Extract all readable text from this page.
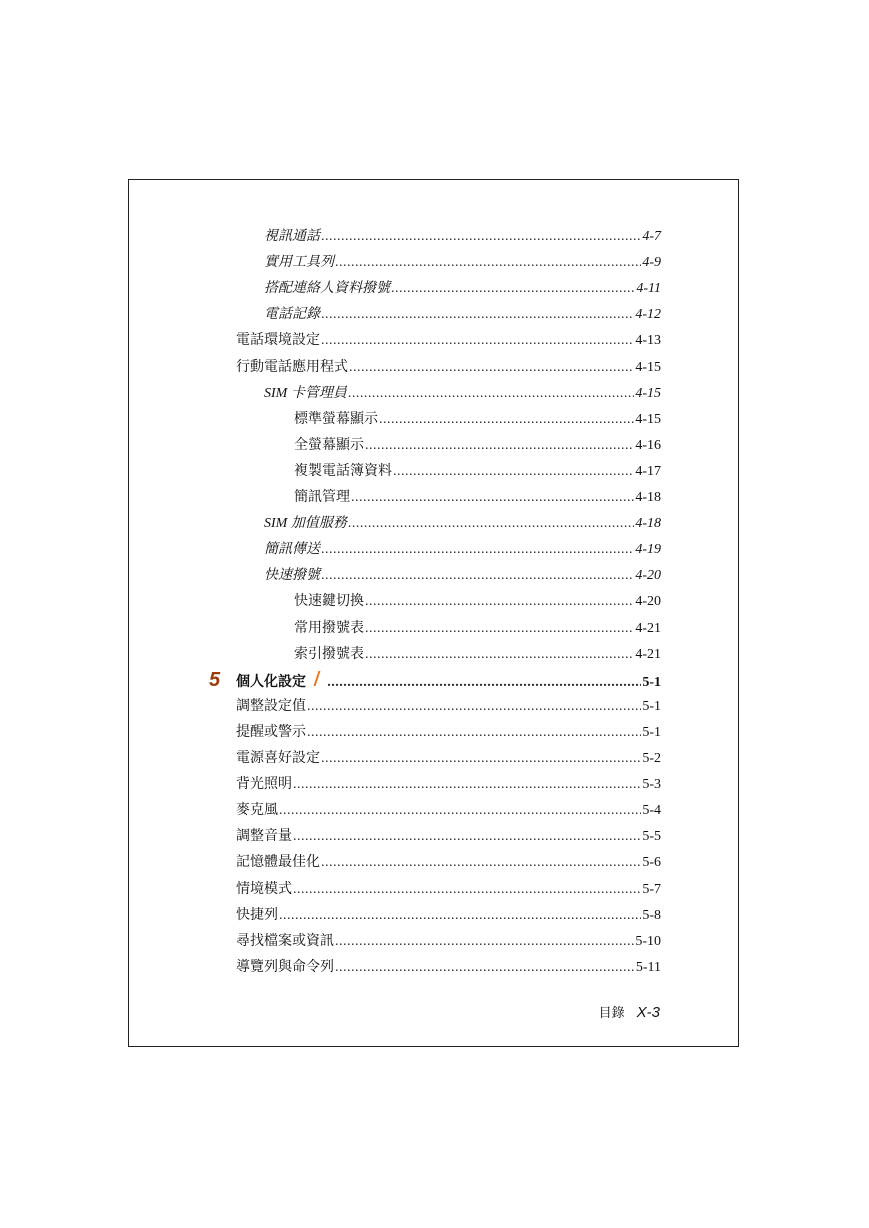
視訊通話 .....	4-7
實用工具列 .....	4-9
搭配連絡人資料撥號 .....	4-11
電話記錄 .....	4-12
電話環境設定 .....	4-13
行動電話應用程式 .....	4-15
SIM 卡管理員 .....	4-15
標準螢幕顯示 .....	4-15
全螢幕顯示 .....	4-16
複製電話簿資料 .....	4-17
簡訊管理 .....	4-18
SIM 加值服務 .....	4-18
簡訊傳送 .....	4-19
快速撥號 .....	4-20
快速鍵切換 .....	4-20
常用撥號表 .....	4-21
索引撥號表 .....	4-21
5 個人化設定 .....	5-1
調整設定值 .....	5-1
提醒或警示 .....	5-1
電源喜好設定 .....	5-2
背光照明 .....	5-3
麥克風 .....	5-4
調整音量 .....	5-5
記憶體最佳化 .....	5-6
情境模式 .....	5-7
快捷列 .....	5-8
尋找檔案或資訊 .....	5-10
導覽列與命令列 .....	5-11
目錄 X-3
